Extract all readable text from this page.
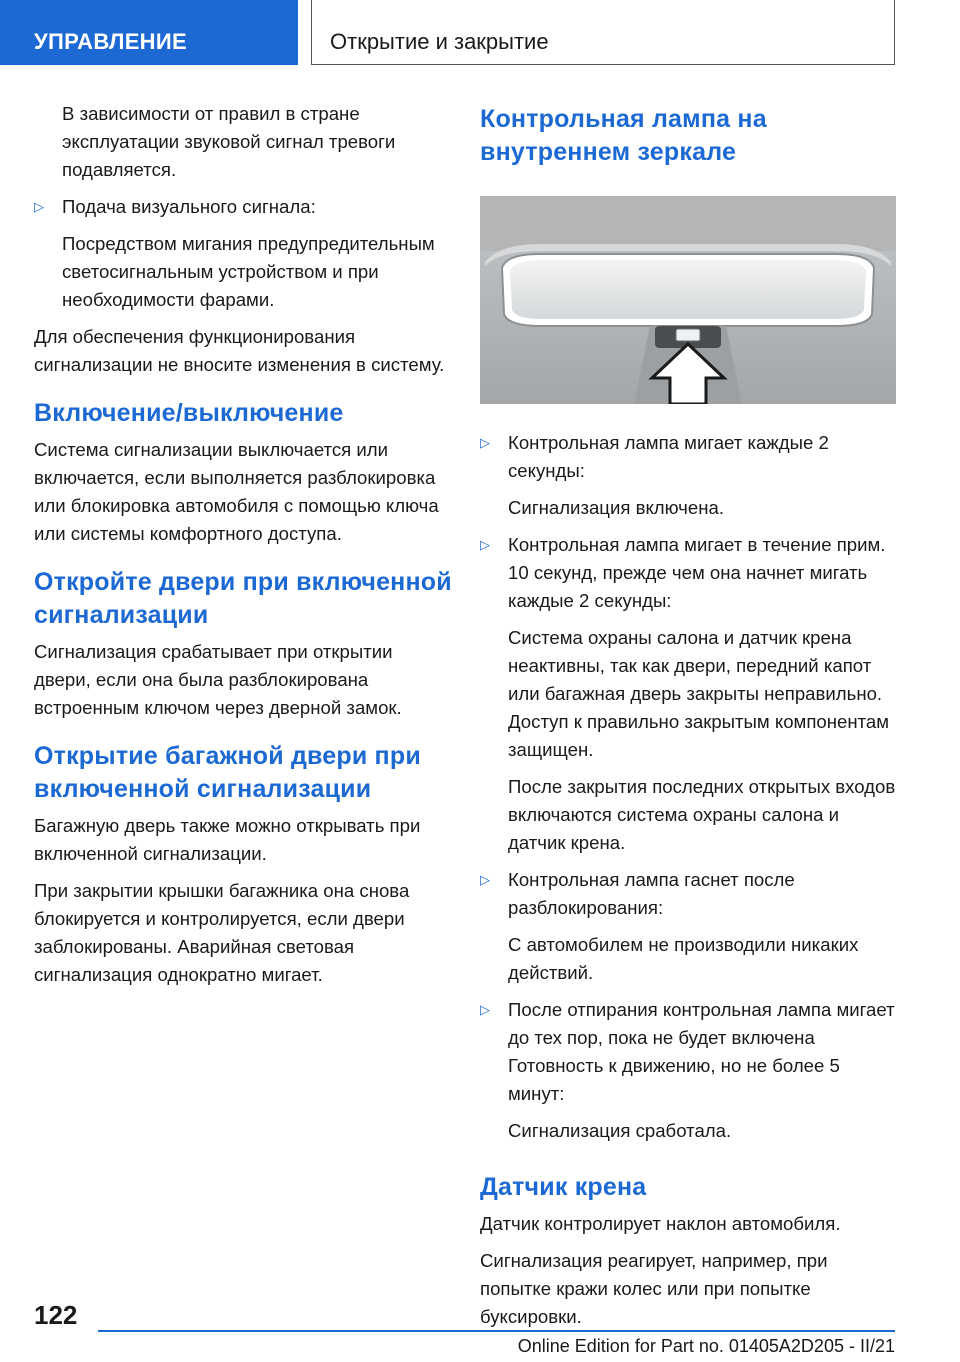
УПРАВЛЕНИЕ	Открытие и закрытие

В зависимости от правил в стране эксплуатации звуковой сигнал тревоги подавляется.

▷ Подача визуального сигнала:

Посредством мигания предупредительным светосигнальным устройством и при необходимости фарами.

Для обеспечения функционирования сигнализации не вносите изменения в систему.

Включение/выключение

Система сигнализации выключается или включается, если выполняется разблокировка или блокировка автомобиля с помощью ключа или системы комфортного доступа.

Откройте двери при включенной сигнализации

Сигнализация срабатывает при открытии двери, если она была разблокирована встроенным ключом через дверной замок.

Открытие багажной двери при включенной сигнализации

Багажную дверь также можно открывать при включенной сигнализации.

При закрытии крышки багажника она снова блокируется и контролируется, если двери заблокированы. Аварийная световая сигнализация однократно мигает.

Контрольная лампа на внутреннем зеркале

▷ Контрольная лампа мигает каждые 2 секунды:

Сигнализация включена.

▷ Контрольная лампа мигает в течение прим. 10 секунд, прежде чем она начнет мигать каждые 2 секунды:

Система охраны салона и датчик крена неактивны, так как двери, передний капот или багажная дверь закрыты неправильно. Доступ к правильно закрытым компонентам защищен.

После закрытия последних открытых входов включаются система охраны салона и датчик крена.

▷ Контрольная лампа гаснет после разблокирования:

С автомобилем не производили никаких действий.

▷ После отпирания контрольная лампа мигает до тех пор, пока не будет включена Готовность к движению, но не более 5 минут:

Сигнализация сработала.

Датчик крена

Датчик контролирует наклон автомобиля.

Сигнализация реагирует, например, при попытке кражи колес или при попытке буксировки.

122
Online Edition for Part no. 01405A2D205 - II/21
